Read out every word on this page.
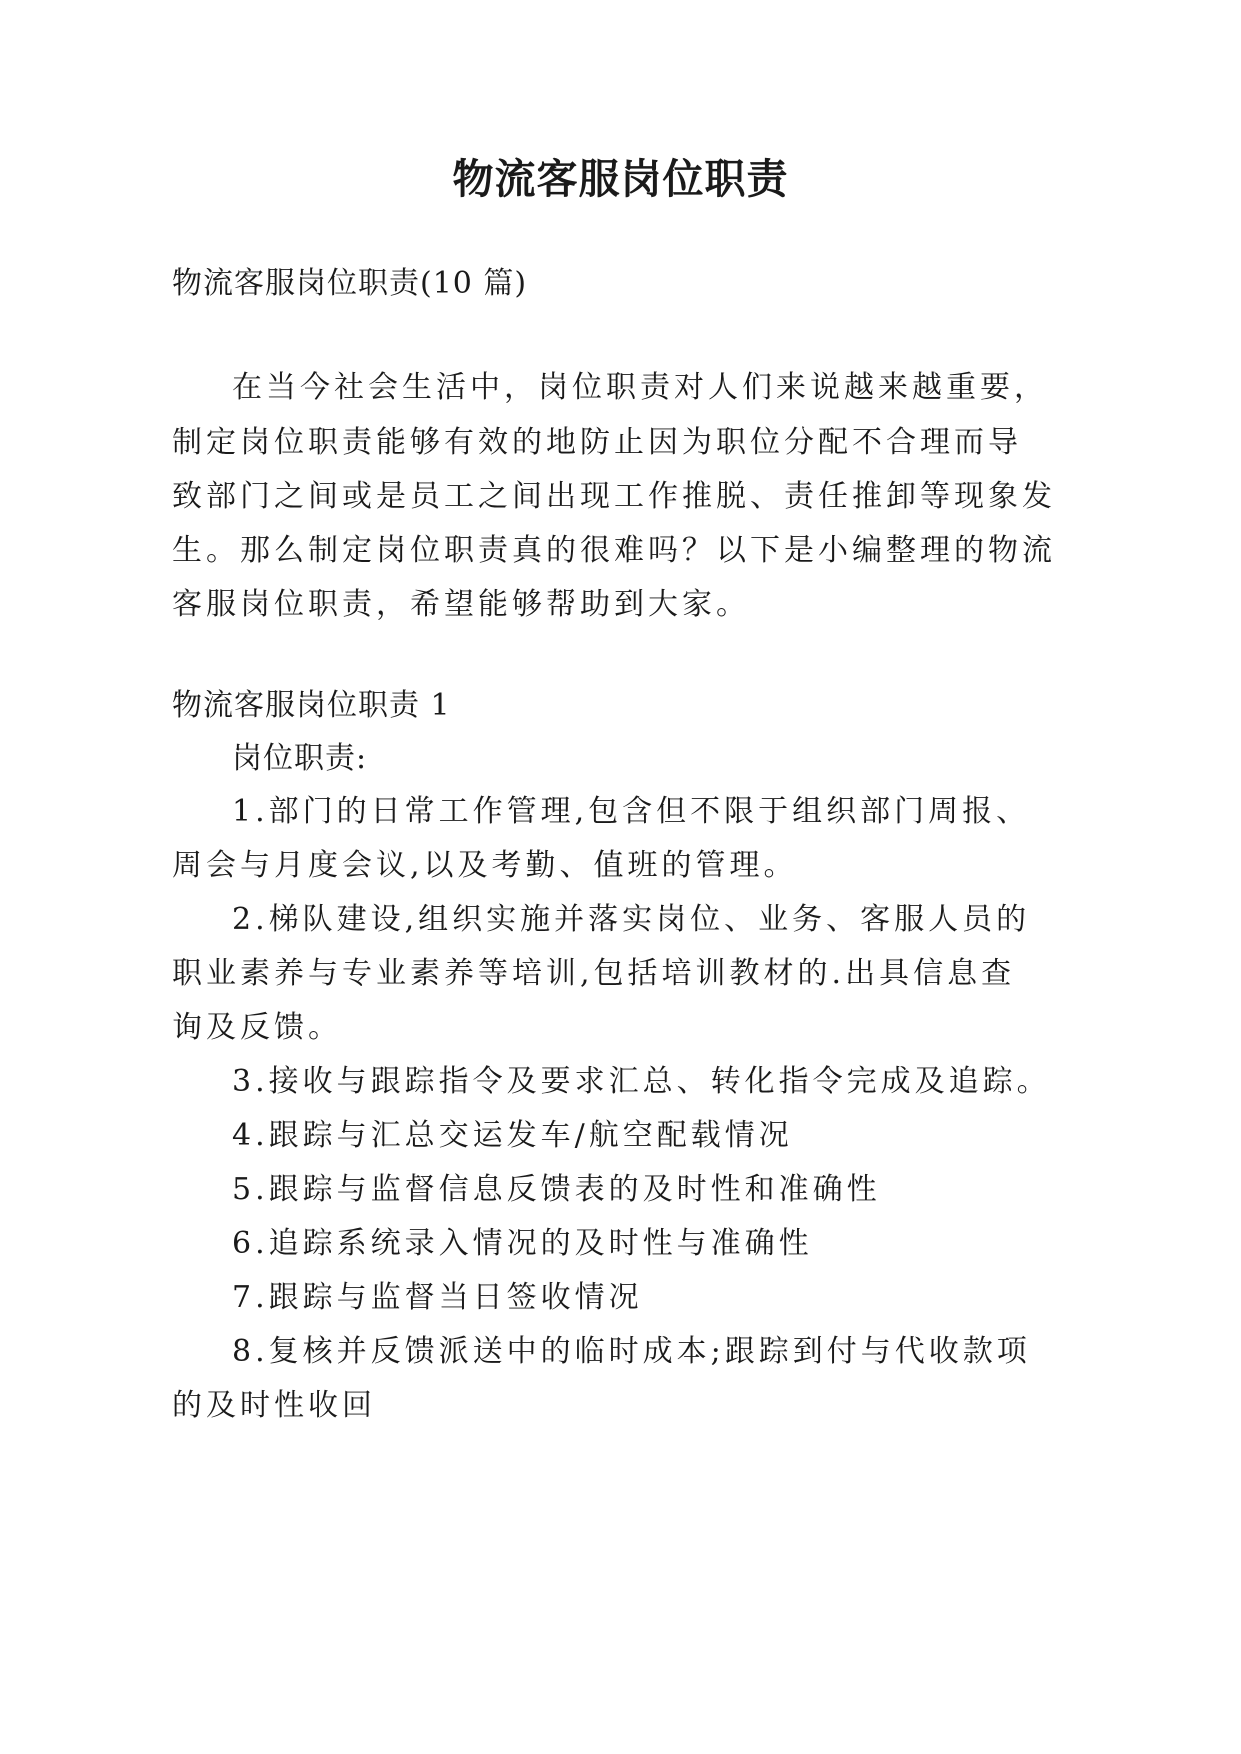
物流客服岗位职责
物流客服岗位职责(10 篇)
在当今社会生活中，岗位职责对人们来说越来越重要，
制定岗位职责能够有效的地防止因为职位分配不合理而导
致部门之间或是员工之间出现工作推脱、责任推卸等现象发
生。那么制定岗位职责真的很难吗？以下是小编整理的物流
客服岗位职责，希望能够帮助到大家。
物流客服岗位职责 1
岗位职责:
1.部门的日常工作管理,包含但不限于组织部门周报、
周会与月度会议,以及考勤、值班的管理。
2.梯队建设,组织实施并落实岗位、业务、客服人员的
职业素养与专业素养等培训,包括培训教材的.出具信息查
询及反馈。
3.接收与跟踪指令及要求汇总、转化指令完成及追踪。
4.跟踪与汇总交运发车/航空配载情况
5.跟踪与监督信息反馈表的及时性和准确性
6.追踪系统录入情况的及时性与准确性
7.跟踪与监督当日签收情况
8.复核并反馈派送中的临时成本;跟踪到付与代收款项
的及时性收回
